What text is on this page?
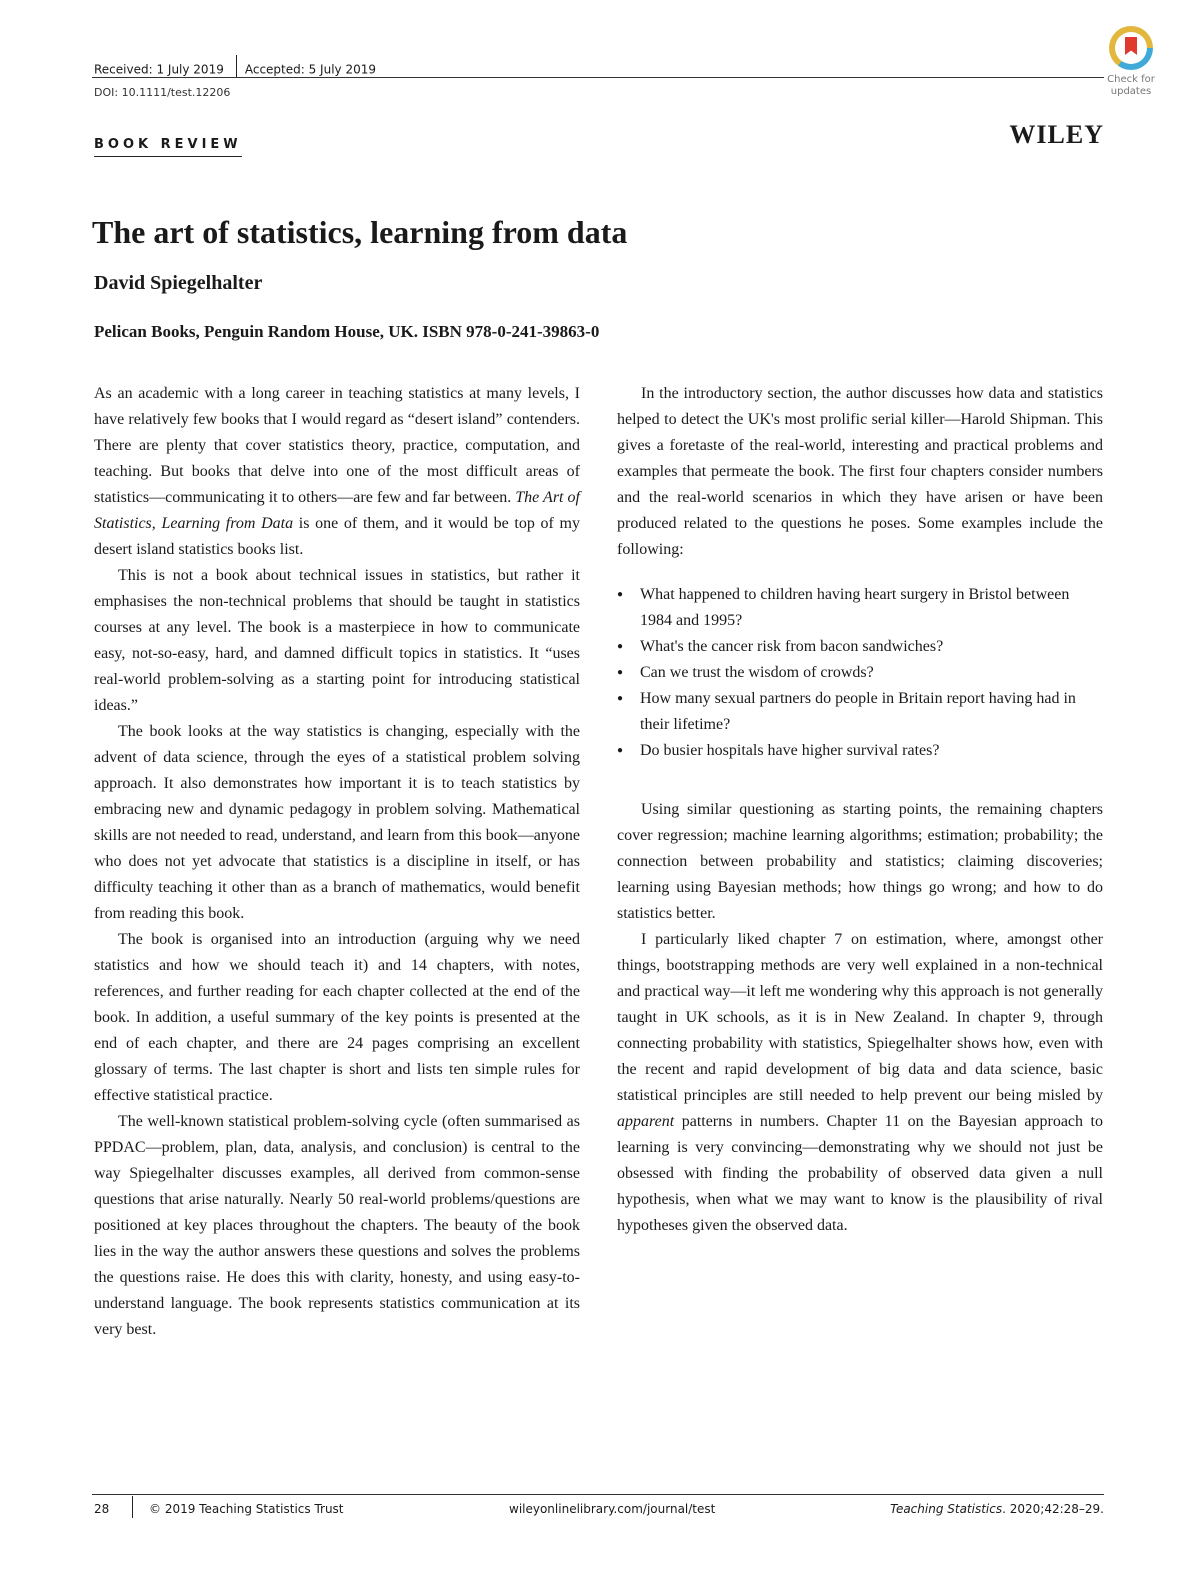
Received: 1 July 2019 Accepted: 5 July 2019
DOI: 10.1111/test.12206
Check for updates
WILEY
BOOK REVIEW
The art of statistics, learning from data
David Spiegelhalter
Pelican Books, Penguin Random House, UK. ISBN 978-0-241-39863-0

As an academic with a long career in teaching statistics at many levels, I have relatively few books that I would regard as “desert island” contenders. There are plenty that cover statistics theory, practice, computation, and teaching. But books that delve into one of the most difficult areas of statistics—communicating it to others—are few and far between. The Art of Statistics, Learning from Data is one of them, and it would be top of my desert island statistics books list.

This is not a book about technical issues in statistics, but rather it emphasises the non-technical problems that should be taught in statistics courses at any level. The book is a masterpiece in how to communicate easy, not-so-easy, hard, and damned difficult topics in statistics. It “uses real-world problem-solving as a starting point for introducing statistical ideas.”

The book looks at the way statistics is changing, especially with the advent of data science, through the eyes of a statistical problem solving approach. It also demonstrates how important it is to teach statistics by embracing new and dynamic pedagogy in problem solving. Mathematical skills are not needed to read, understand, and learn from this book—anyone who does not yet advocate that statistics is a discipline in itself, or has difficulty teaching it other than as a branch of mathematics, would benefit from reading this book.

The book is organised into an introduction (arguing why we need statistics and how we should teach it) and 14 chapters, with notes, references, and further reading for each chapter collected at the end of the book. In addition, a useful summary of the key points is presented at the end of each chapter, and there are 24 pages comprising an excellent glossary of terms. The last chapter is short and lists ten simple rules for effective statistical practice.

The well-known statistical problem-solving cycle (often summarised as PPDAC—problem, plan, data, analysis, and conclusion) is central to the way Spiegelhalter discusses examples, all derived from common-sense questions that arise naturally. Nearly 50 real-world problems/questions are positioned at key places throughout the chapters. The beauty of the book lies in the way the author answers these questions and solves the problems the questions raise. He does this with clarity, honesty, and using easy-to-understand language. The book represents statistics communication at its very best.

In the introductory section, the author discusses how data and statistics helped to detect the UK's most prolific serial killer—Harold Shipman. This gives a foretaste of the real-world, interesting and practical problems and examples that permeate the book. The first four chapters consider numbers and the real-world scenarios in which they have arisen or have been produced related to the questions he poses. Some examples include the following:

● What happened to children having heart surgery in Bristol between 1984 and 1995?
● What's the cancer risk from bacon sandwiches?
● Can we trust the wisdom of crowds?
● How many sexual partners do people in Britain report having had in their lifetime?
● Do busier hospitals have higher survival rates?

Using similar questioning as starting points, the remaining chapters cover regression; machine learning algorithms; estimation; probability; the connection between probability and statistics; claiming discoveries; learning using Bayesian methods; how things go wrong; and how to do statistics better.

I particularly liked chapter 7 on estimation, where, amongst other things, bootstrapping methods are very well explained in a non-technical and practical way—it left me wondering why this approach is not generally taught in UK schools, as it is in New Zealand. In chapter 9, through connecting probability with statistics, Spiegelhalter shows how, even with the recent and rapid development of big data and data science, basic statistical principles are still needed to help prevent our being misled by apparent patterns in numbers. Chapter 11 on the Bayesian approach to learning is very convincing—demonstrating why we should not just be obsessed with finding the probability of observed data given a null hypothesis, when what we may want to know is the plausibility of rival hypotheses given the observed data.

28	© 2019 Teaching Statistics Trust	wileyonlinelibrary.com/journal/test	Teaching Statistics. 2020;42:28–29.
